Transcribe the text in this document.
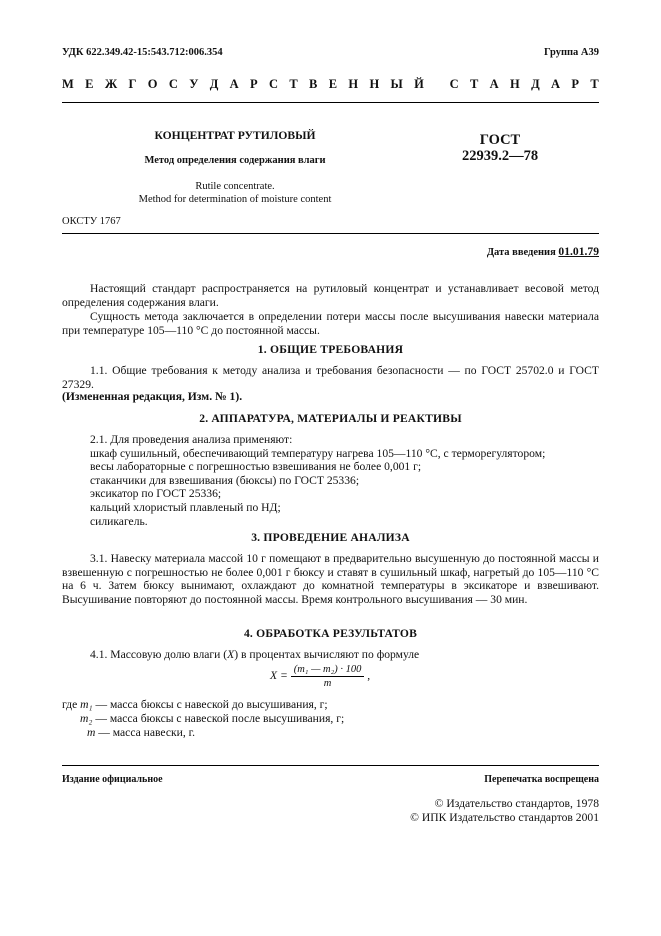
УДК 622.349.42-15:543.712:006.354	Группа А39
М Е Ж Г О С У Д А Р С Т В Е Н Н Ы Й
С Т А Н Д А Р Т
КОНЦЕНТРАТ РУТИЛОВЫЙ
Метод определения содержания влаги
Rutile concentrate.
Method for determination of moisture content
ГОСТ
22939.2—78
ОКСТУ 1767
Дата введения 01.01.79
Настоящий стандарт распространяется на рутиловый концентрат и устанавливает весовой метод определения содержания влаги.
Сущность метода заключается в определении потери массы после высушивания навески материала при температуре 105—110 °С до постоянной массы.
1. ОБЩИЕ ТРЕБОВАНИЯ
1.1. Общие требования к методу анализа и требования безопасности — по ГОСТ 25702.0 и ГОСТ 27329.
(Измененная редакция, Изм. № 1).
2. АППАРАТУРА, МАТЕРИАЛЫ И РЕАКТИВЫ
2.1. Для проведения анализа применяют:
шкаф сушильный, обеспечивающий температуру нагрева 105—110 °С, с терморегулятором;
весы лабораторные с погрешностью взвешивания не более 0,001 г;
стаканчики для взвешивания (бюксы) по ГОСТ 25336;
эксикатор по ГОСТ 25336;
кальций хлористый плавленый по НД;
силикагель.
3. ПРОВЕДЕНИЕ АНАЛИЗА
3.1. Навеску материала массой 10 г помещают в предварительно высушенную до постоянной массы и взвешенную с погрешностью не более 0,001 г бюксу и ставят в сушильный шкаф, нагретый до 105—110 °С на 6 ч. Затем бюксу вынимают, охлаждают до комнатной температуры в эксикаторе и взвешивают. Высушивание повторяют до постоянной массы. Время контрольного высушивания — 30 мин.
4. ОБРАБОТКА РЕЗУЛЬТАТОВ
4.1. Массовую долю влаги (X) в процентах вычисляют по формуле
$X = \frac{\text{(m₁ — m₂) · 100}}{m}$ ,
где m₁ — масса бюксы с навеской до высушивания, г;
m₂ — масса бюксы с навеской после высушивания, г;
m — масса навески, г.
Издание официальное	Перепечатка воспрещена
© Издательство стандартов, 1978
© ИПК Издательство стандартов 2001
